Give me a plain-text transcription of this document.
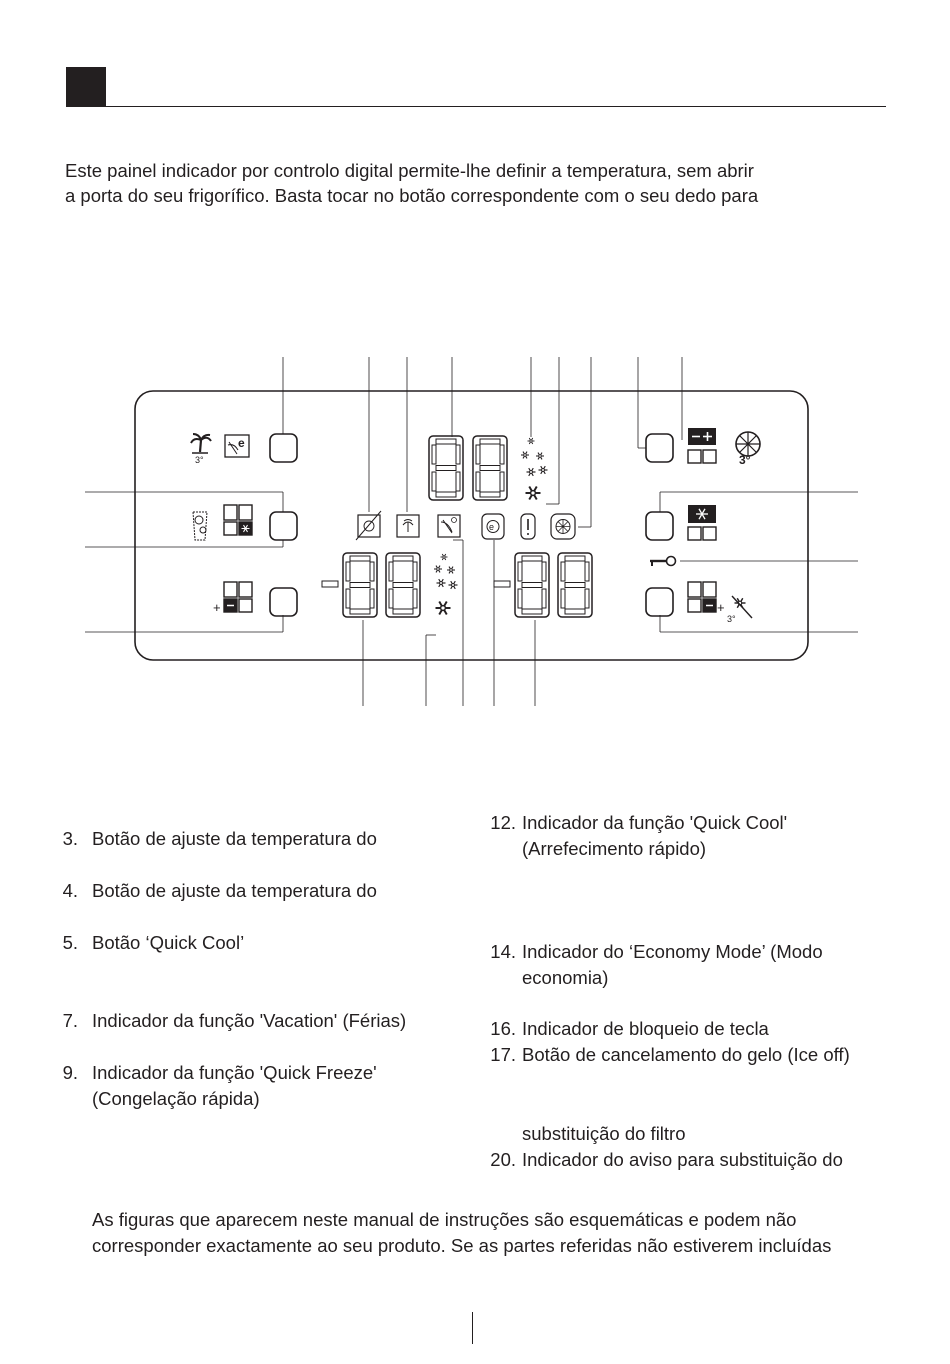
Este painel indicador por controlo digital permite-lhe definir a temperatura, sem abrir
a porta do seu frigorífico. Basta tocar no botão correspondente com o seu dedo para
3°
e
+
e
3°
+
3°
3. Botão de ajuste da temperatura do
4. Botão de ajuste da temperatura do
5. Botão ‘Quick Cool’
7. Indicador da função 'Vacation' (Férias)
9. Indicador da função 'Quick Freeze'
(Congelação rápida)
12. Indicador da função 'Quick Cool'
(Arrefecimento rápido)
14. Indicador do ‘Economy Mode’ (Modo
economia)
16. Indicador de bloqueio de tecla
17. Botão de cancelamento do gelo (Ice off)
substituição do filtro
20. Indicador do aviso para substituição do
As figuras que aparecem neste manual de instruções são esquemáticas e podem não
corresponder exactamente ao seu produto. Se as partes referidas não estiverem incluídas
